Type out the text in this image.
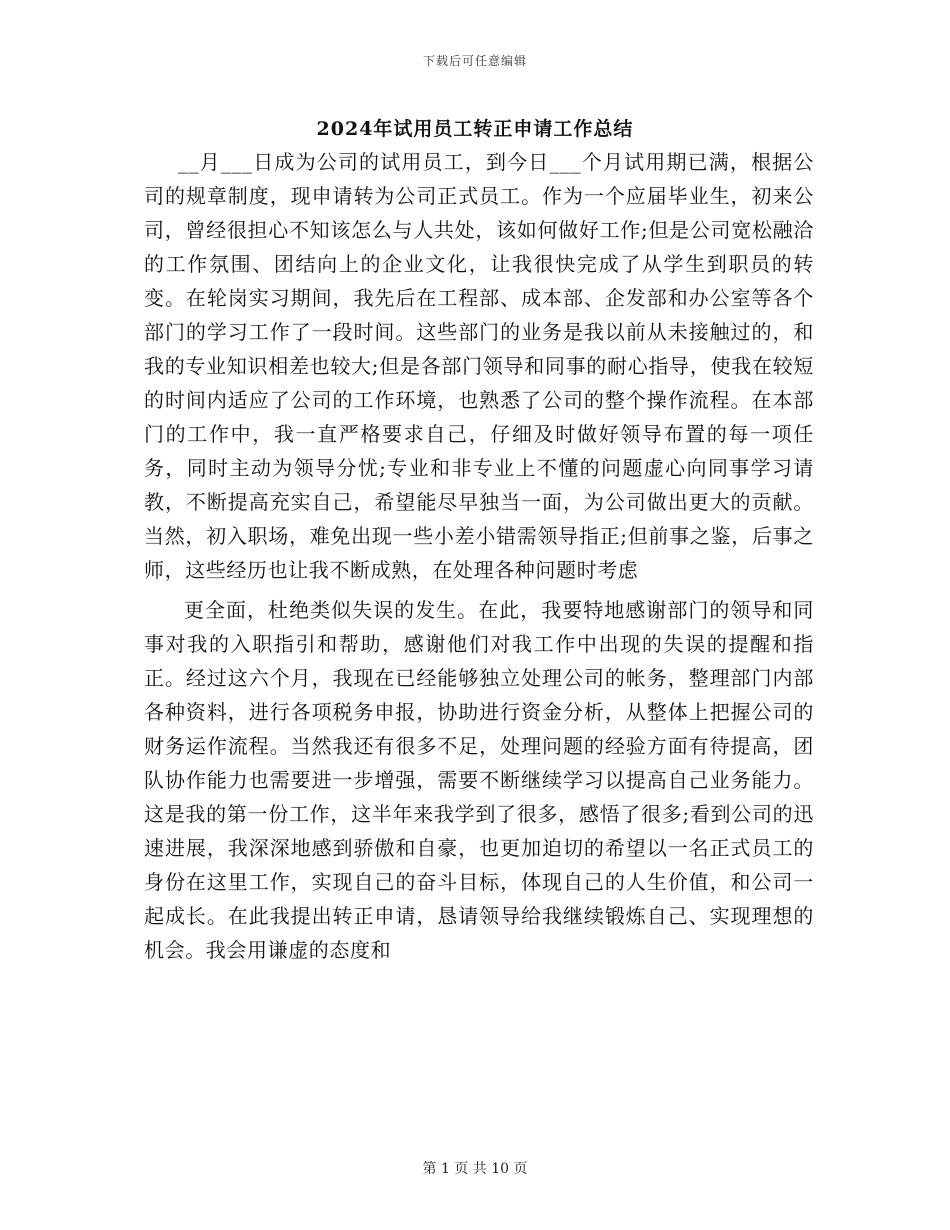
下载后可任意编辑
2024年试用员工转正申请工作总结

__月___日成为公司的试用员工，到今日___个月试用期已满，根据公司的规章制度，现申请转为公司正式员工。作为一个应届毕业生，初来公司，曾经很担心不知该怎么与人共处，该如何做好工作;但是公司宽松融洽的工作氛围、团结向上的企业文化，让我很快完成了从学生到职员的转变。在轮岗实习期间，我先后在工程部、成本部、企发部和办公室等各个部门的学习工作了一段时间。这些部门的业务是我以前从未接触过的，和我的专业知识相差也较大;但是各部门领导和同事的耐心指导，使我在较短的时间内适应了公司的工作环境，也熟悉了公司的整个操作流程。在本部门的工作中，我一直严格要求自己，仔细及时做好领导布置的每一项任务，同时主动为领导分忧;专业和非专业上不懂的问题虚心向同事学习请教，不断提高充实自己，希望能尽早独当一面，为公司做出更大的贡献。当然，初入职场，难免出现一些小差小错需领导指正;但前事之鉴，后事之师，这些经历也让我不断成熟，在处理各种问题时考虑

更全面，杜绝类似失误的发生。在此，我要特地感谢部门的领导和同事对我的入职指引和帮助，感谢他们对我工作中出现的失误的提醒和指正。经过这六个月，我现在已经能够独立处理公司的帐务，整理部门内部各种资料，进行各项税务申报，协助进行资金分析，从整体上把握公司的财务运作流程。当然我还有很多不足，处理问题的经验方面有待提高，团队协作能力也需要进一步增强，需要不断继续学习以提高自己业务能力。这是我的第一份工作，这半年来我学到了很多，感悟了很多;看到公司的迅速进展，我深深地感到骄傲和自豪，也更加迫切的希望以一名正式员工的身份在这里工作，实现自己的奋斗目标，体现自己的人生价值，和公司一起成长。在此我提出转正申请，恳请领导给我继续锻炼自己、实现理想的机会。我会用谦虚的态度和

第 1 页 共 10 页
